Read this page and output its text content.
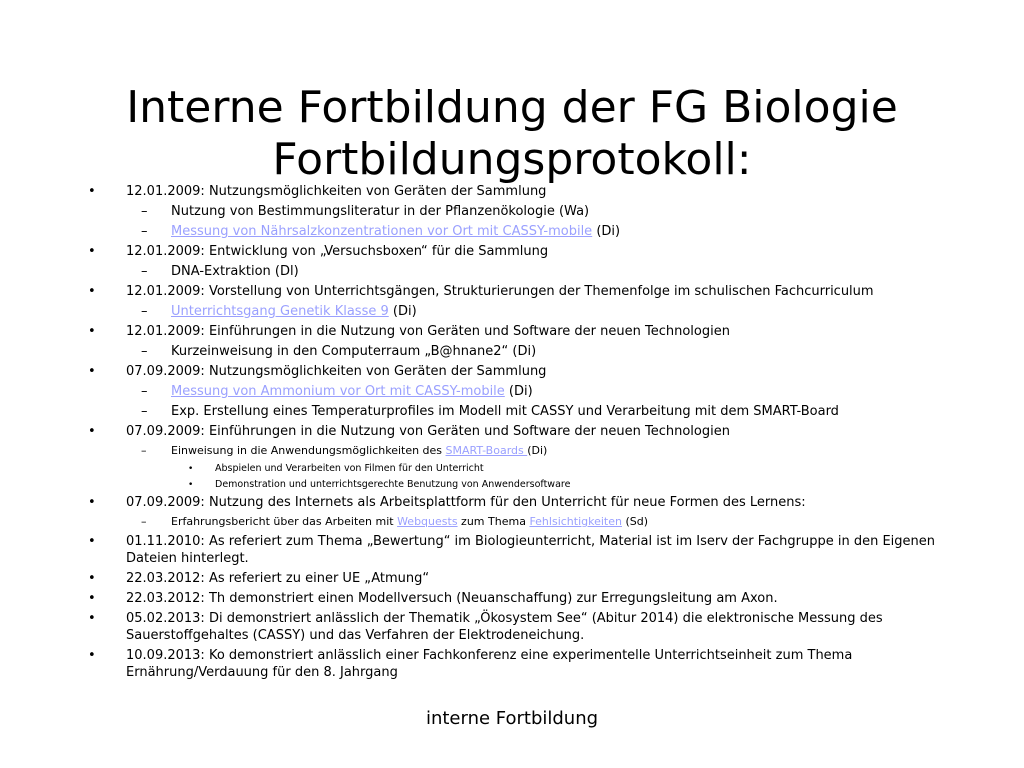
Interne Fortbildung der FG Biologie
Fortbildungsprotokoll:
• 12.01.2009: Nutzungsmöglichkeiten von Geräten der Sammlung
– Nutzung von Bestimmungsliteratur in der Pflanzenökologie (Wa)
– Messung von Nährsalzkonzentrationen vor Ort mit CASSY-mobile (Di)
• 12.01.2009: Entwicklung von „Versuchsboxen“ für die Sammlung
– DNA-Extraktion (Dl)
• 12.01.2009: Vorstellung von Unterrichtsgängen, Strukturierungen der Themenfolge im schulischen Fachcurriculum
– Unterrichtsgang Genetik Klasse 9 (Di)
• 12.01.2009: Einführungen in die Nutzung von Geräten und Software der neuen Technologien
– Kurzeinweisung in den Computerraum „B@hnane2“ (Di)
• 07.09.2009: Nutzungsmöglichkeiten von Geräten der Sammlung
– Messung von Ammonium vor Ort mit CASSY-mobile (Di)
– Exp. Erstellung eines Temperaturprofiles im Modell mit CASSY und Verarbeitung mit dem SMART-Board
• 07.09.2009: Einführungen in die Nutzung von Geräten und Software der neuen Technologien
– Einweisung in die Anwendungsmöglichkeiten des SMART-Boards (Di)
• Abspielen und Verarbeiten von Filmen für den Unterricht
• Demonstration und unterrichtsgerechte Benutzung von Anwendersoftware
• 07.09.2009: Nutzung des Internets als Arbeitsplattform für den Unterricht für neue Formen des Lernens:
– Erfahrungsbericht über das Arbeiten mit Webquests zum Thema Fehlsichtigkeiten (Sd)
• 01.11.2010: As referiert zum Thema „Bewertung“ im Biologieunterricht, Material ist im Iserv der Fachgruppe in den Eigenen Dateien hinterlegt.
• 22.03.2012: As referiert zu einer UE „Atmung“
• 22.03.2012: Th demonstriert einen Modellversuch (Neuanschaffung) zur Erregungsleitung am Axon.
• 05.02.2013: Di demonstriert anlässlich der Thematik „Ökosystem See“ (Abitur 2014) die elektronische Messung des Sauerstoffgehaltes (CASSY) und das Verfahren der Elektrodeneichung.
• 10.09.2013: Ko demonstriert anlässlich einer Fachkonferenz eine experimentelle Unterrichtseinheit zum Thema Ernährung/Verdauung für den 8. Jahrgang
interne Fortbildung
